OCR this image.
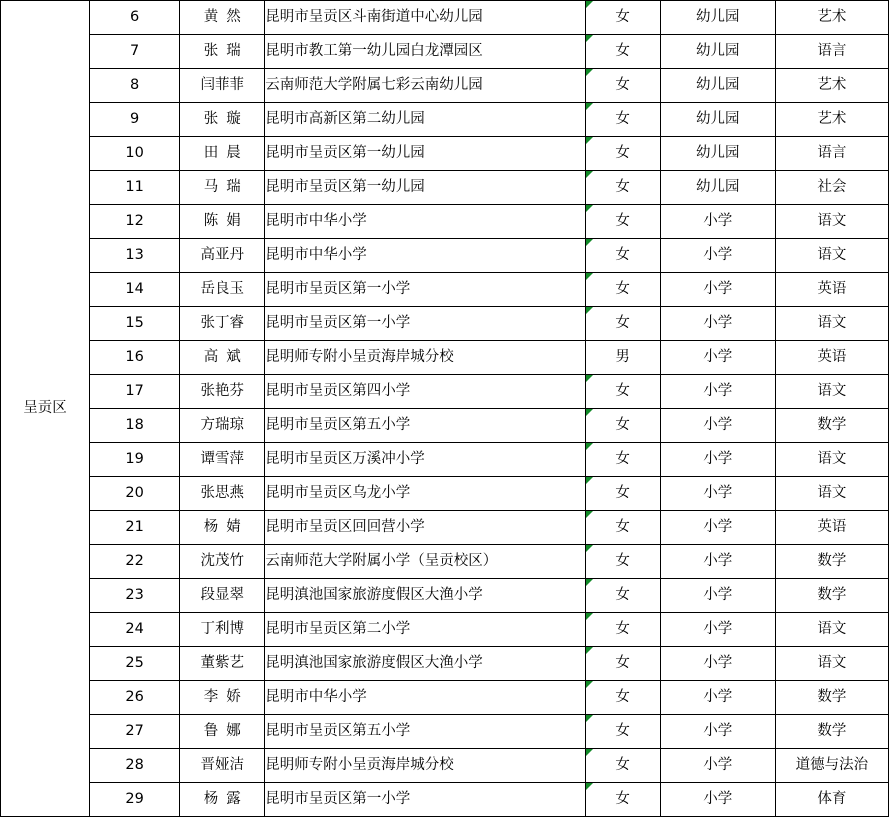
呈贡区	6	黄然	昆明市呈贡区斗南街道中心幼儿园	女	幼儿园	艺术
	7	张瑞	昆明市教工第一幼儿园白龙潭园区	女	幼儿园	语言
	8	闫菲菲	云南师范大学附属七彩云南幼儿园	女	幼儿园	艺术
	9	张璇	昆明市高新区第二幼儿园	女	幼儿园	艺术
	10	田晨	昆明市呈贡区第一幼儿园	女	幼儿园	语言
	11	马瑞	昆明市呈贡区第一幼儿园	女	幼儿园	社会
	12	陈娟	昆明市中华小学	女	小学	语文
	13	高亚丹	昆明市中华小学	女	小学	语文
	14	岳良玉	昆明市呈贡区第一小学	女	小学	英语
	15	张丁睿	昆明市呈贡区第一小学	女	小学	语文
	16	高斌	昆明师专附小呈贡海岸城分校	男	小学	英语
	17	张艳芬	昆明市呈贡区第四小学	女	小学	语文
	18	方瑞琼	昆明市呈贡区第五小学	女	小学	数学
	19	谭雪萍	昆明市呈贡区万溪冲小学	女	小学	语文
	20	张思燕	昆明市呈贡区乌龙小学	女	小学	语文
	21	杨婧	昆明市呈贡区回回营小学	女	小学	英语
	22	沈茂竹	云南师范大学附属小学（呈贡校区）	女	小学	数学
	23	段显翠	昆明滇池国家旅游度假区大渔小学	女	小学	数学
	24	丁利博	昆明市呈贡区第二小学	女	小学	语文
	25	董紫艺	昆明滇池国家旅游度假区大渔小学	女	小学	语文
	26	李娇	昆明市中华小学	女	小学	数学
	27	鲁娜	昆明市呈贡区第五小学	女	小学	数学
	28	晋娅洁	昆明师专附小呈贡海岸城分校	女	小学	道德与法治
	29	杨露	昆明市呈贡区第一小学	女	小学	体育
